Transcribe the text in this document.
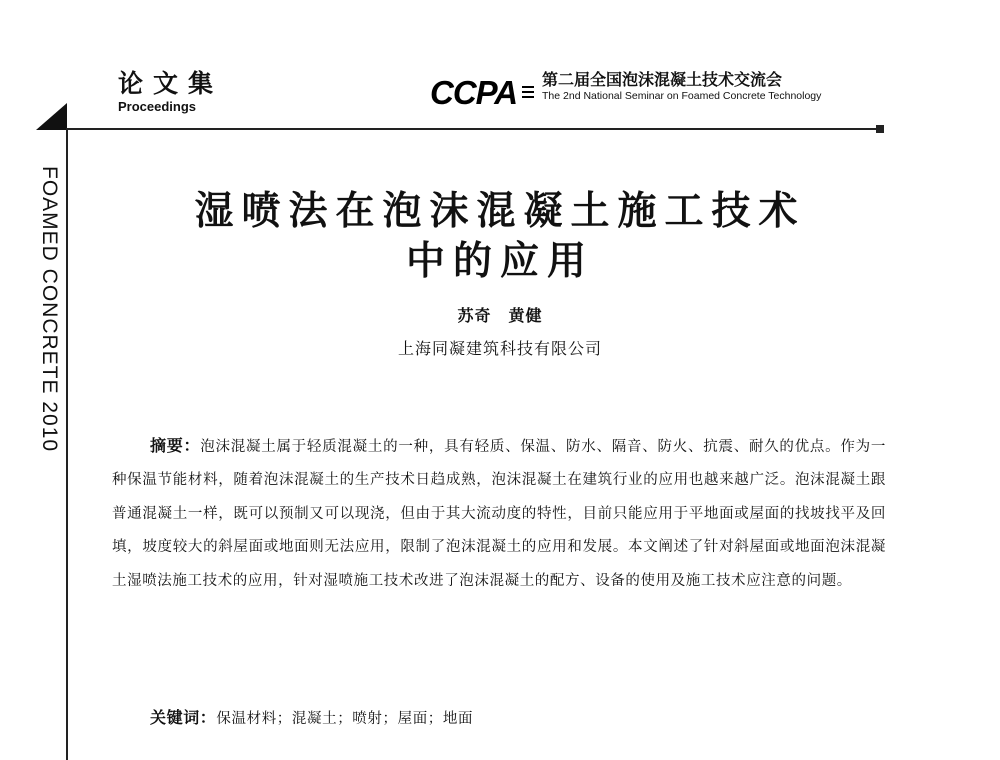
论文集
Proceedings	CCPA 第二届全国泡沫混凝土技术交流会
The 2nd National Seminar on Foamed Concrete Technology
FOAMED CONCRETE 2010	湿喷法在泡沫混凝土施工技术
中的应用
苏奇　黄健
上海同凝建筑科技有限公司

摘要：泡沫混凝土属于轻质混凝土的一种，具有轻质、保温、防水、隔音、防火、抗震、耐久的优点。作为一种保温节能材料，随着泡沫混凝土的生产技术日趋成熟，泡沫混凝土在建筑行业的应用也越来越广泛。泡沫混凝土跟普通混凝土一样，既可以预制又可以现浇，但由于其大流动度的特性，目前只能应用于平地面或屋面的找坡找平及回填，坡度较大的斜屋面或地面则无法应用，限制了泡沫混凝土的应用和发展。本文阐述了针对斜屋面或地面泡沫混凝土湿喷法施工技术的应用，针对湿喷施工技术改进了泡沫混凝土的配方、设备的使用及施工技术应注意的问题。

关键词：保温材料；混凝土；喷射；屋面；地面
